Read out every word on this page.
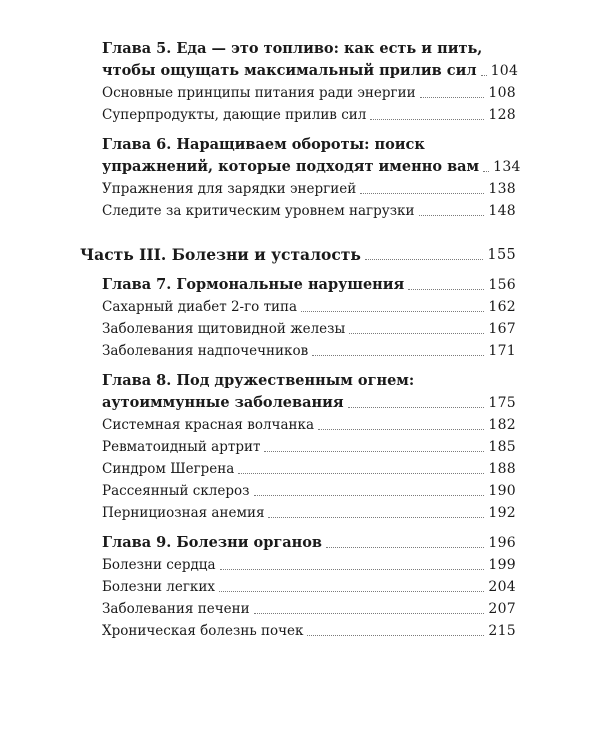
Глава 5. Еда — это топливо: как есть и пить,
чтобы ощущать максимальный прилив сил 104
Основные принципы питания ради энергии	108
Суперпродукты, дающие прилив сил	128
Глава 6. Наращиваем обороты: поиск
упражнений, которые подходят именно вам 134
Упражнения для зарядки энергией	138
Следите за критическим уровнем нагрузки	148
Часть III. Болезни и усталость	155
Глава 7. Гормональные нарушения	156
Сахарный диабет 2-го типа	162
Заболевания щитовидной железы	167
Заболевания надпочечников	171
Глава 8. Под дружественным огнем:
аутоиммунные заболевания	175
Системная красная волчанка	182
Ревматоидный артрит	185
Синдром Шегрена	188
Рассеянный склероз	190
Пернициозная анемия	192
Глава 9. Болезни органов	196
Болезни сердца	199
Болезни легких	204
Заболевания печени	207
Хроническая болезнь почек	215
